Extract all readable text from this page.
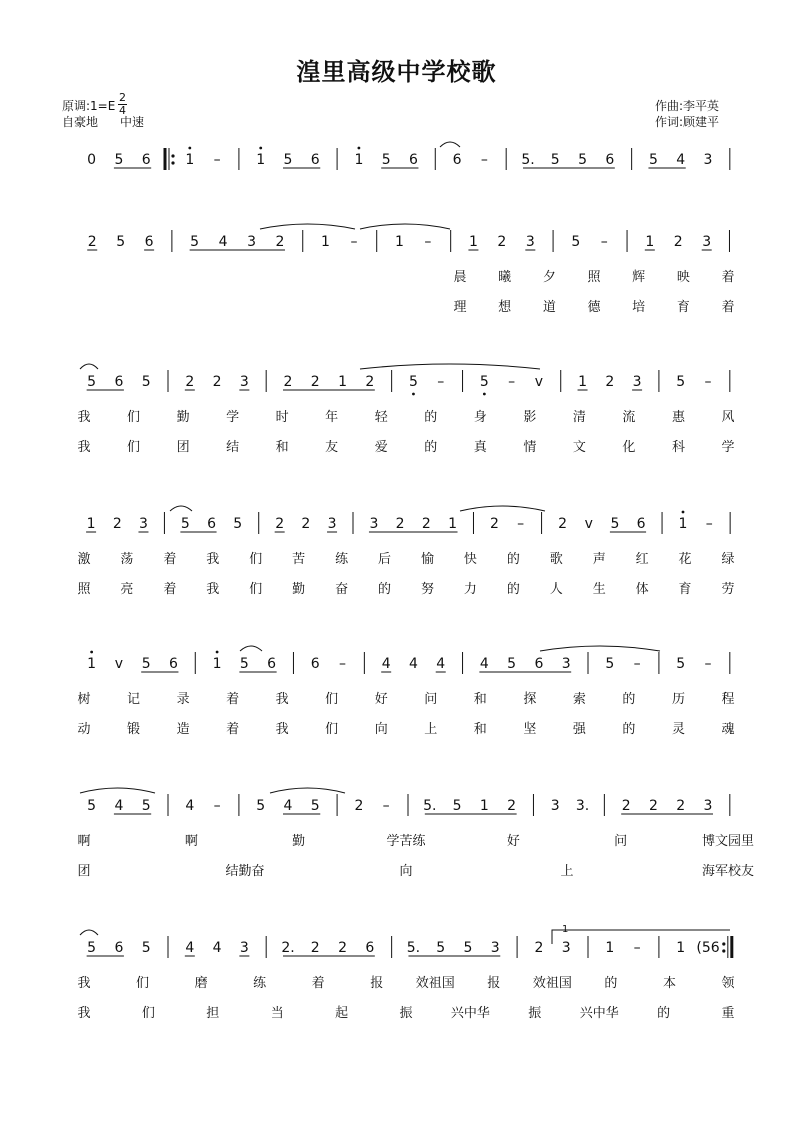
湟里高级中学校歌
原调:1=E
自豪地 中速
2
4	作曲:李平英
作词:顾建平
0 5 6 1 –	1 5 6 1 5 6 6 – 5. 5 5 6 5 4 3
2 5 6	5 4 3 2	1 –	1 –	1 2 3	5 –	1 2 3
晨 曦 夕 照 辉 映 着
理 想 道 德 培 育 着
5 6 5 2 2 3 2 2 1 2 5 –	5 – v	1 2 3 5 –
我	们	勤	学	时	年	轻	的	身	影	清	流	惠	风
我	们	团	结	和	友	爱	的	真	情	文	化	科	学
1 2 3 5 6 5 2 2 3 3 2 2 1 2 – 2 v 5 6 1 –
激 荡 着 我 们 苦 练 后 愉 快 的 歌 声 红 花 绿
照 亮 着 我 们 勤 奋 的 努 力 的 人 生 体 育 劳
1 v 5 6 1 5 6 6 –	4 4 4 4 5 6 3 5 –	5 –
树	记	录	着	我	们	好	问	和	探	索	的	历	程
动	锻	造	着	我	们	向	上	和	坚	强	的	灵	魂
5 4 5 4 –	5 4 5 2 – 5. 5 1 2 3 3. 2 2 2 3
啊	啊	勤	学苦练	好	问	博文园里
团	结勤奋	向	上	海军校友
5 6 5 4 4 3 2. 2 2 6 5. 5 5 3 2 3 1 –	1 (56
我	们	磨	练	着	报	效祖国	报	效祖国	的	本	领
我	们	担	当	起	振	兴中华	振	兴中华	的	重
1
